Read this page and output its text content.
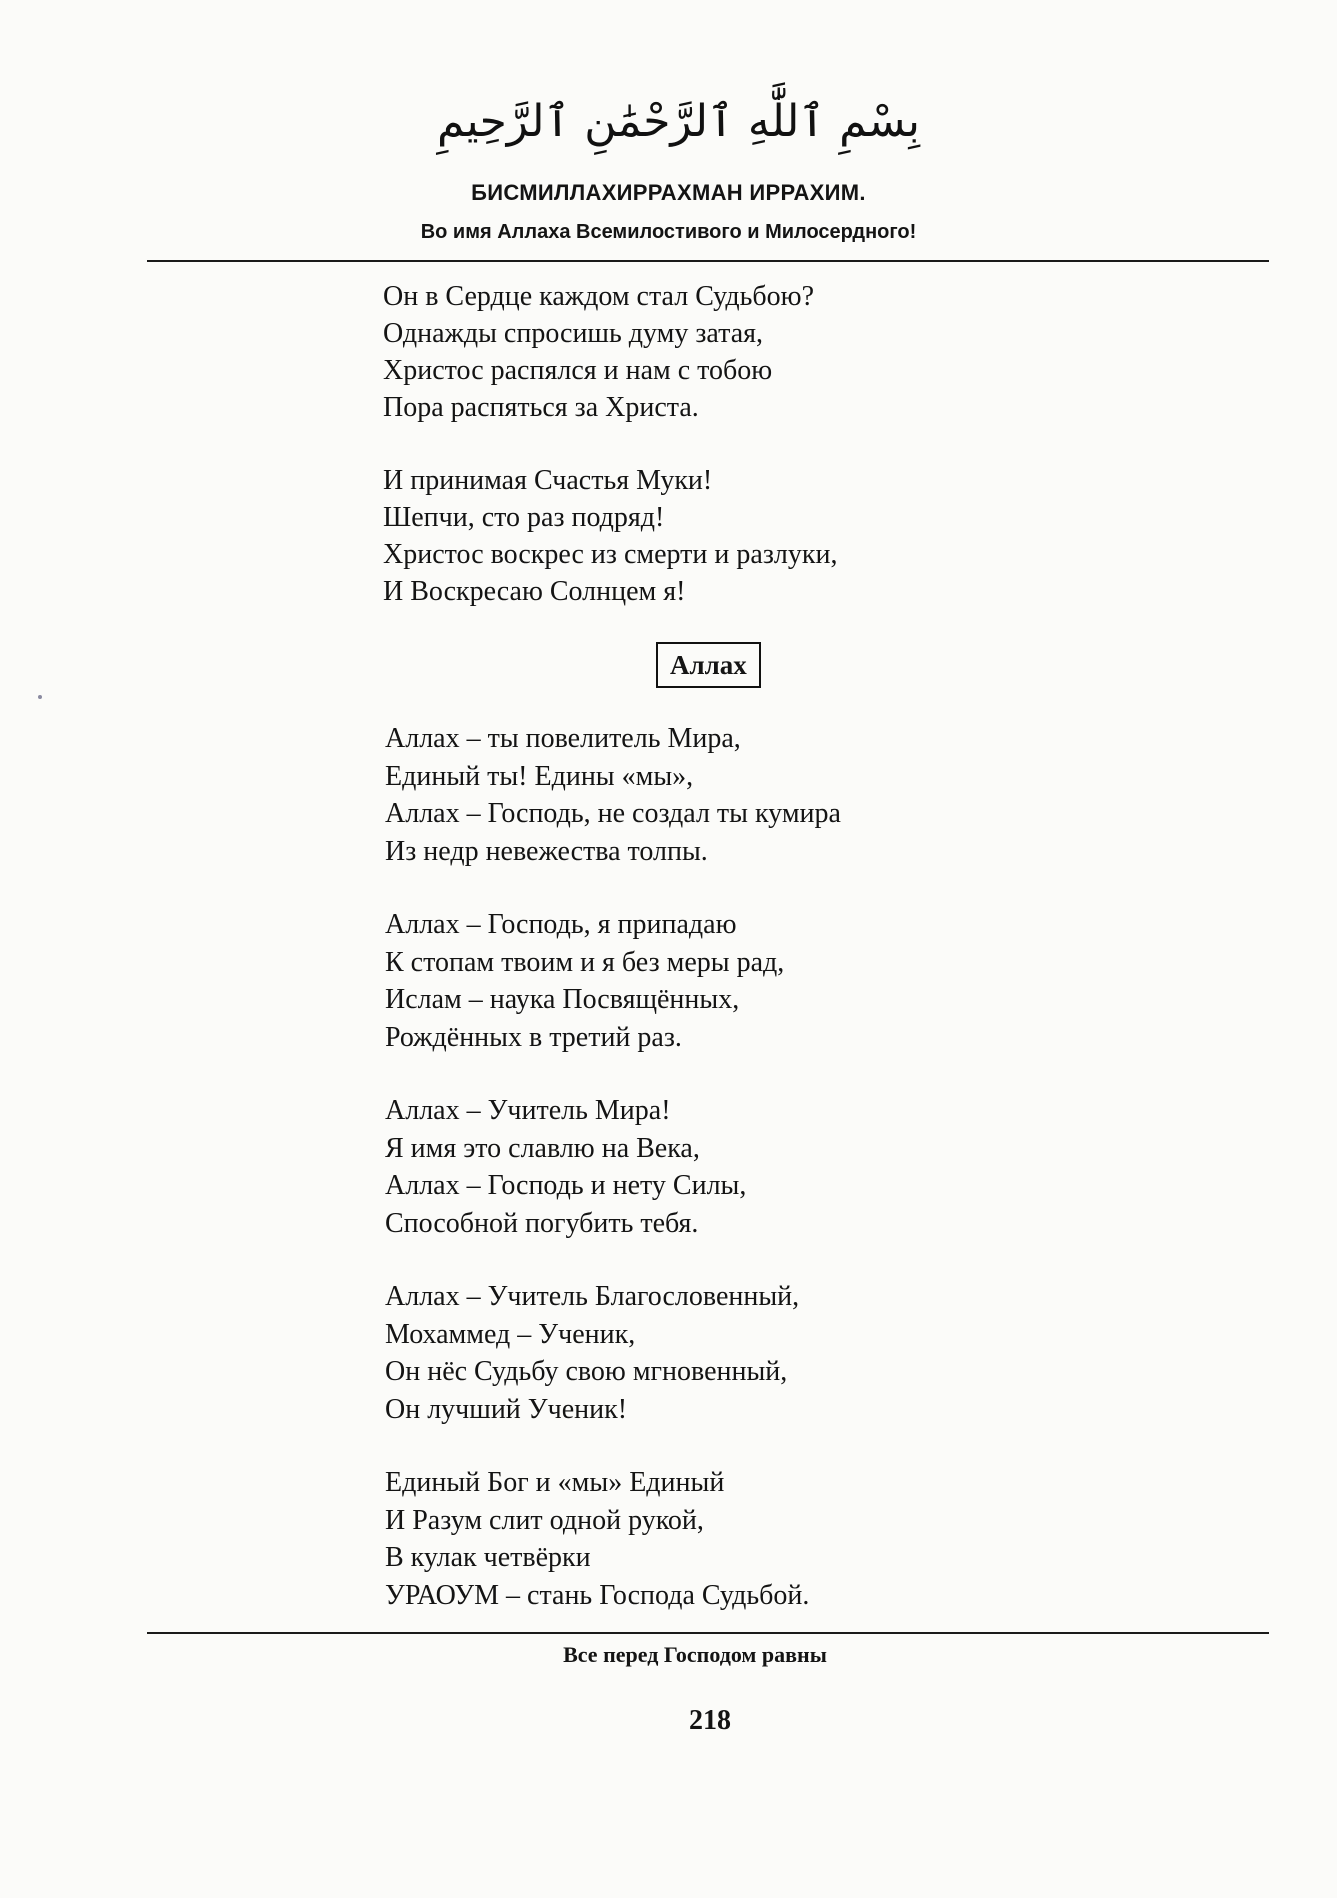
بِسْمِ ٱللَّٰهِ ٱلرَّحْمَٰنِ ٱلرَّحِيمِ
БИСМИЛЛАХИРРАХМАН ИРРАХИМ.
Во имя Аллаха Всемилостивого и Милосердного!
Он в Сердце каждом стал Судьбою?
Однажды спросишь думу затая,
Христос распялся и нам с тобою
Пора распяться за Христа.
И принимая Счастья Муки!
Шепчи, сто раз подряд!
Христос воскрес из смерти и разлуки,
И Воскресаю Солнцем я!
Аллах
Аллах – ты повелитель Мира,
Единый ты! Едины «мы»,
Аллах – Господь, не создал ты кумира
Из недр невежества толпы.
Аллах – Господь, я припадаю
К стопам твоим и я без меры рад,
Ислам – наука Посвящённых,
Рождённых в третий раз.
Аллах – Учитель Мира!
Я имя это славлю на Века,
Аллах – Господь и нету Силы,
Способной погубить тебя.
Аллах – Учитель Благословенный,
Мохаммед – Ученик,
Он нёс Судьбу свою мгновенный,
Он лучший Ученик!
Единый Бог и «мы» Единый
И Разум слит одной рукой,
В кулак четвёрки
УРАОУМ – стань Господа Судьбой.
Все перед Господом равны
218
